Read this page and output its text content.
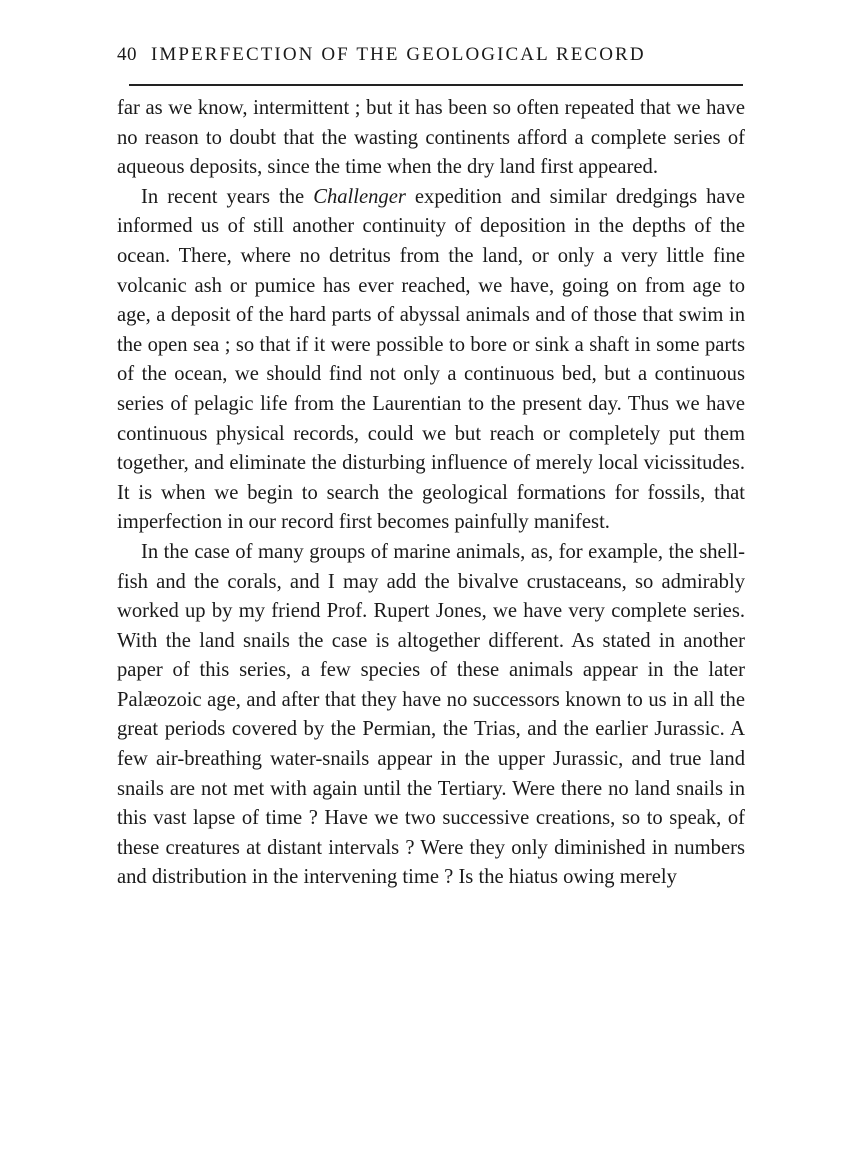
40 IMPERFECTION OF THE GEOLOGICAL RECORD

far as we know, intermittent ; but it has been so often repeated that we have no reason to doubt that the wasting continents afford a complete series of aqueous deposits, since the time when the dry land first appeared.

In recent years the Challenger expedition and similar dredgings have informed us of still another continuity of deposition in the depths of the ocean. There, where no detritus from the land, or only a very little fine volcanic ash or pumice has ever reached, we have, going on from age to age, a deposit of the hard parts of abyssal animals and of those that swim in the open sea ; so that if it were possible to bore or sink a shaft in some parts of the ocean, we should find not only a continuous bed, but a continuous series of pelagic life from the Laurentian to the present day. Thus we have continuous physical records, could we but reach or completely put them together, and eliminate the disturbing influence of merely local vicissitudes. It is when we begin to search the geological formations for fossils, that imperfection in our record first becomes painfully manifest.

In the case of many groups of marine animals, as, for example, the shell-fish and the corals, and I may add the bivalve crustaceans, so admirably worked up by my friend Prof. Rupert Jones, we have very complete series. With the land snails the case is altogether different. As stated in another paper of this series, a few species of these animals appear in the later Palæozoic age, and after that they have no successors known to us in all the great periods covered by the Permian, the Trias, and the earlier Jurassic. A few air-breathing water-snails appear in the upper Jurassic, and true land snails are not met with again until the Tertiary. Were there no land snails in this vast lapse of time ? Have we two successive creations, so to speak, of these creatures at distant intervals ? Were they only diminished in numbers and distribution in the intervening time ? Is the hiatus owing merely
